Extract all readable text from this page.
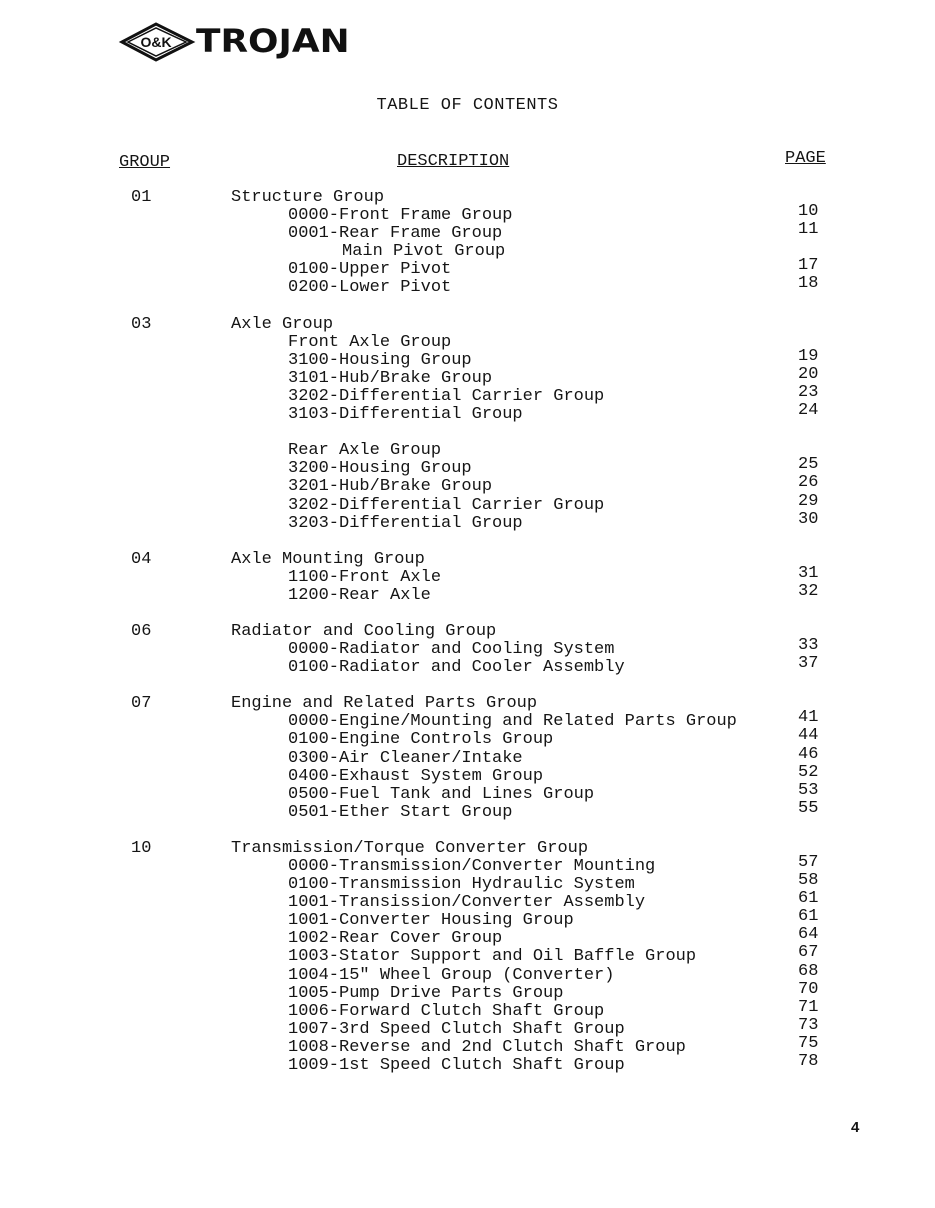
O&K TROJAN
TABLE OF CONTENTS
GROUP	DESCRIPTION	PAGE
01	Structure Group
0000-Front Frame Group	10
0001-Rear Frame Group	11
Main Pivot Group
0100-Upper Pivot	17
0200-Lower Pivot	18
03	Axle Group
Front Axle Group
3100-Housing Group	19
3101-Hub/Brake Group	20
3202-Differential Carrier Group	23
3103-Differential Group	24
Rear Axle Group
3200-Housing Group	25
3201-Hub/Brake Group	26
3202-Differential Carrier Group	29
3203-Differential Group	30
04	Axle Mounting Group
1100-Front Axle	31
1200-Rear Axle	32
06	Radiator and Cooling Group
0000-Radiator and Cooling System	33
0100-Radiator and Cooler Assembly	37
07	Engine and Related Parts Group
0000-Engine/Mounting and Related Parts Group	41
0100-Engine Controls Group	44
0300-Air Cleaner/Intake	46
0400-Exhaust System Group	52
0500-Fuel Tank and Lines Group	53
0501-Ether Start Group	55
10	Transmission/Torque Converter Group
0000-Transmission/Converter Mounting	57
0100-Transmission Hydraulic System	58
1001-Transission/Converter Assembly	61
1001-Converter Housing Group	61
1002-Rear Cover Group	64
1003-Stator Support and Oil Baffle Group	67
1004-15" Wheel Group (Converter)	68
1005-Pump Drive Parts Group	70
1006-Forward Clutch Shaft Group	71
1007-3rd Speed Clutch Shaft Group	73
1008-Reverse and 2nd Clutch Shaft Group	75
1009-1st Speed Clutch Shaft Group	78
4
